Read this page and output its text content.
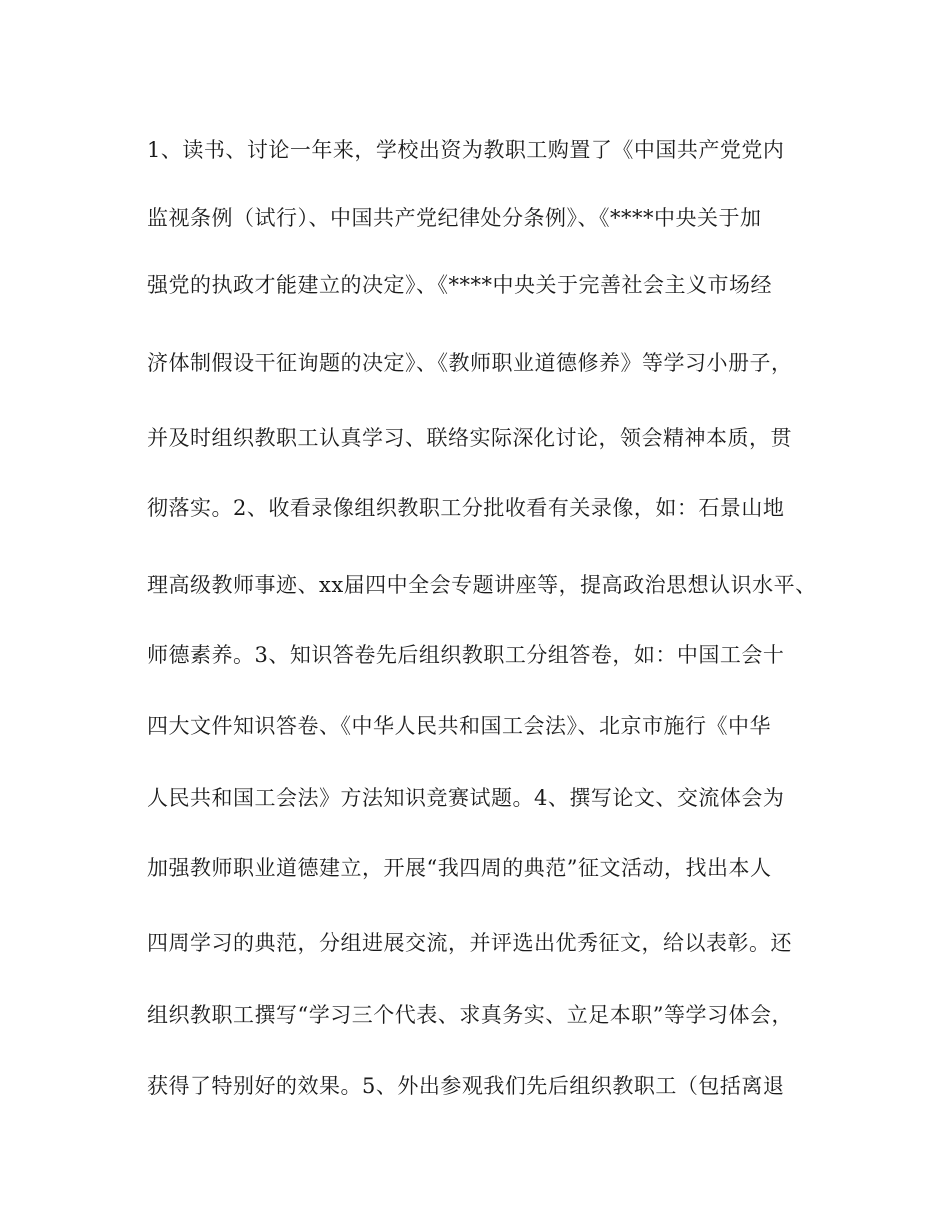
1、读书、讨论一年来，学校出资为教职工购置了《中国共产党党内
监视条例（试行）、中国共产党纪律处分条例》、《****中央关于加
强党的执政才能建立的决定》、《****中央关于完善社会主义市场经
济体制假设干征询题的决定》、《教师职业道德修养》等学习小册子，
并及时组织教职工认真学习、联络实际深化讨论，领会精神本质，贯
彻落实。2、收看录像组织教职工分批收看有关录像，如：石景山地
理高级教师事迹、xx届四中全会专题讲座等，提高政治思想认识水平、
师德素养。3、知识答卷先后组织教职工分组答卷，如：中国工会十
四大文件知识答卷、《中华人民共和国工会法》、北京市施行《中华
人民共和国工会法》方法知识竞赛试题。4、撰写论文、交流体会为
加强教师职业道德建立，开展“我四周的典范”征文活动，找出本人
四周学习的典范，分组进展交流，并评选出优秀征文，给以表彰。还
组织教职工撰写“学习三个代表、求真务实、立足本职”等学习体会，
获得了特别好的效果。5、外出参观我们先后组织教职工（包括离退
